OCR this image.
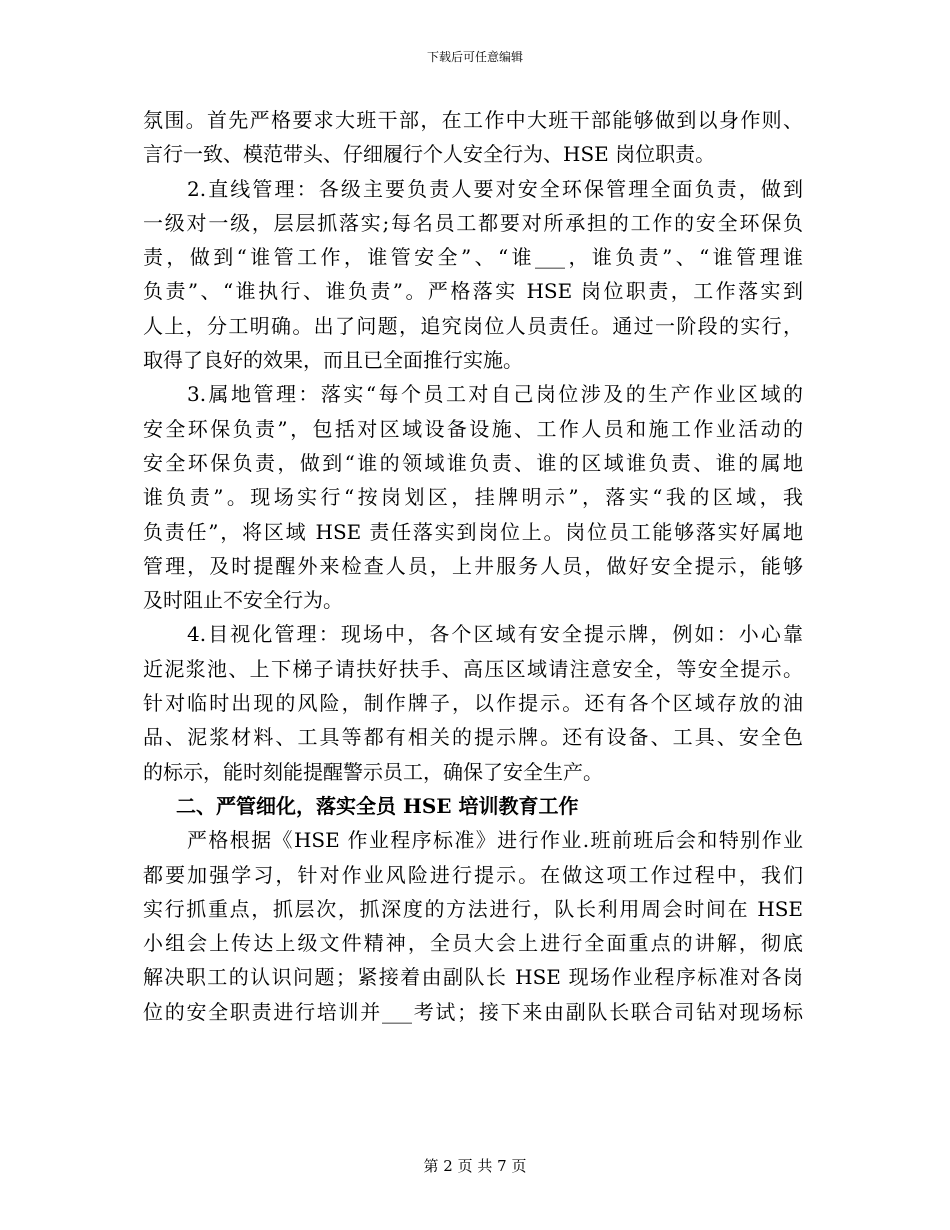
下载后可任意编辑
氛围。首先严格要求大班干部，在工作中大班干部能够做到以身作则、
言行一致、模范带头、仔细履行个人安全行为、HSE 岗位职责。
2.直线管理：各级主要负责人要对安全环保管理全面负责，做到
一级对一级，层层抓落实;每名员工都要对所承担的工作的安全环保负
责，做到“谁管工作，谁管安全”、“谁___，谁负责”、“谁管理谁
负责”、“谁执行、谁负责”。严格落实 HSE 岗位职责，工作落实到
人上，分工明确。出了问题，追究岗位人员责任。通过一阶段的实行，
取得了良好的效果，而且已全面推行实施。
3.属地管理：落实“每个员工对自己岗位涉及的生产作业区域的
安全环保负责”，包括对区域设备设施、工作人员和施工作业活动的
安全环保负责，做到“谁的领域谁负责、谁的区域谁负责、谁的属地
谁负责”。现场实行“按岗划区，挂牌明示”，落实“我的区域，我
负责任”，将区域 HSE 责任落实到岗位上。岗位员工能够落实好属地
管理，及时提醒外来检查人员，上井服务人员，做好安全提示，能够
及时阻止不安全行为。
4.目视化管理：现场中，各个区域有安全提示牌，例如：小心靠
近泥浆池、上下梯子请扶好扶手、高压区域请注意安全，等安全提示。
针对临时出现的风险，制作牌子，以作提示。还有各个区域存放的油
品、泥浆材料、工具等都有相关的提示牌。还有设备、工具、安全色
的标示，能时刻能提醒警示员工，确保了安全生产。
二、严管细化，落实全员 HSE 培训教育工作
严格根据《HSE 作业程序标准》进行作业.班前班后会和特别作业
都要加强学习，针对作业风险进行提示。在做这项工作过程中，我们
实行抓重点，抓层次，抓深度的方法进行，队长利用周会时间在 HSE
小组会上传达上级文件精神，全员大会上进行全面重点的讲解，彻底
解决职工的认识问题；紧接着由副队长 HSE 现场作业程序标准对各岗
位的安全职责进行培训并___考试；接下来由副队长联合司钻对现场标
第 2 页 共 7 页
